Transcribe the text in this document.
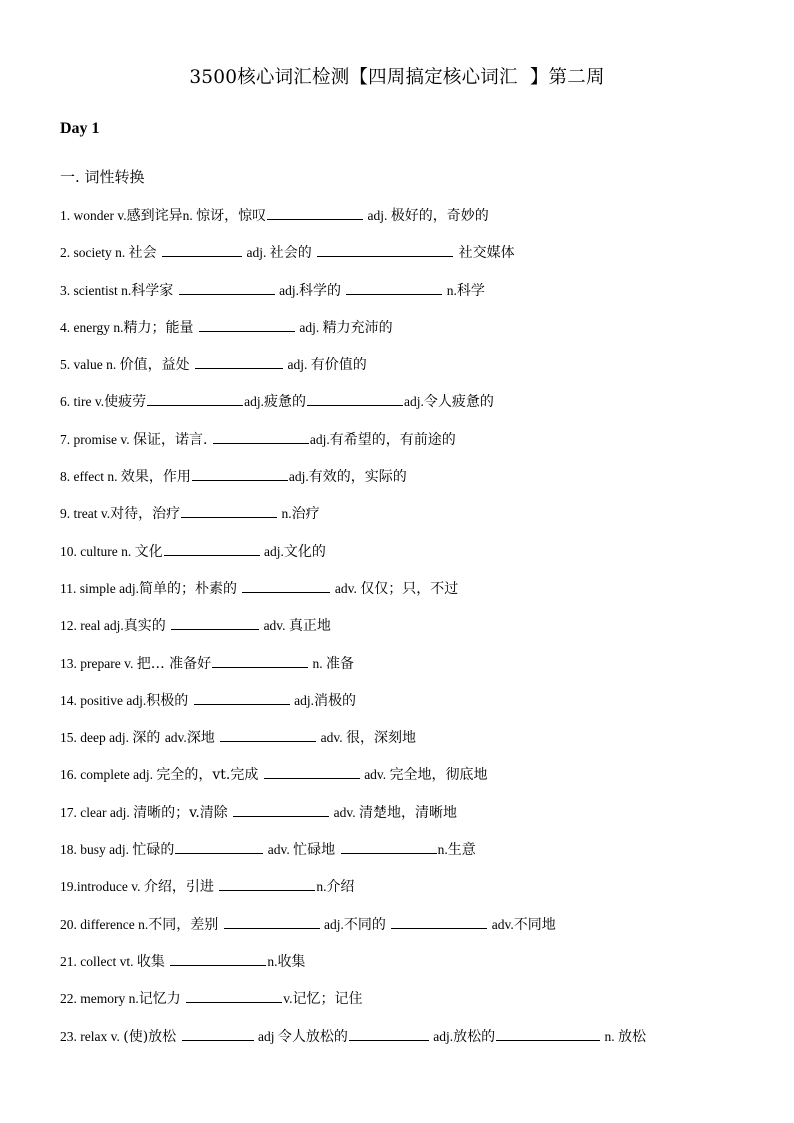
3500核心词汇检测【四周搞定核心词汇  】第二周
Day 1
一. 词性转换
1. wonder v.感到诧异n. 惊讶，惊叹	adj. 极好的，奇妙的
2. society n. 社会	adj. 社会的	社交媒体
3. scientist n.科学家	adj.科学的	n.科学
4. energy n.精力；能量	adj. 精力充沛的
5. value n. 价值，益处	adj. 有价值的
6. tire v.使疲劳	adj.疲惫的	adj.令人疲惫的
7. promise v. 保证，诺言.	adj.有希望的，有前途的
8. effect n. 效果，作用	adj.有效的，实际的
9. treat v.对待，治疗	n.治疗
10. culture n. 文化	adj.文化的
11. simple adj.简单的；朴素的	adv. 仅仅；只，不过
12. real adj.真实的	adv. 真正地
13. prepare v. 把… 准备好	n. 准备
14. positive adj.积极的	adj.消极的
15. deep adj. 深的 adv.深地	adv. 很，深刻地
16. complete adj. 完全的，vt.完成	adv. 完全地，彻底地
17. clear adj. 清晰的；v.清除	adv. 清楚地，清晰地
18. busy adj. 忙碌的	adv. 忙碌地	n.生意
19.introduce v. 介绍，引进	n.介绍
20. difference n.不同，差别	adj.不同的	adv.不同地
21. collect vt. 收集	n.收集
22. memory n.记忆力	v.记忆；记住
23. relax v. (使)放松	adj 令人放松的	adj.放松的	n. 放松
